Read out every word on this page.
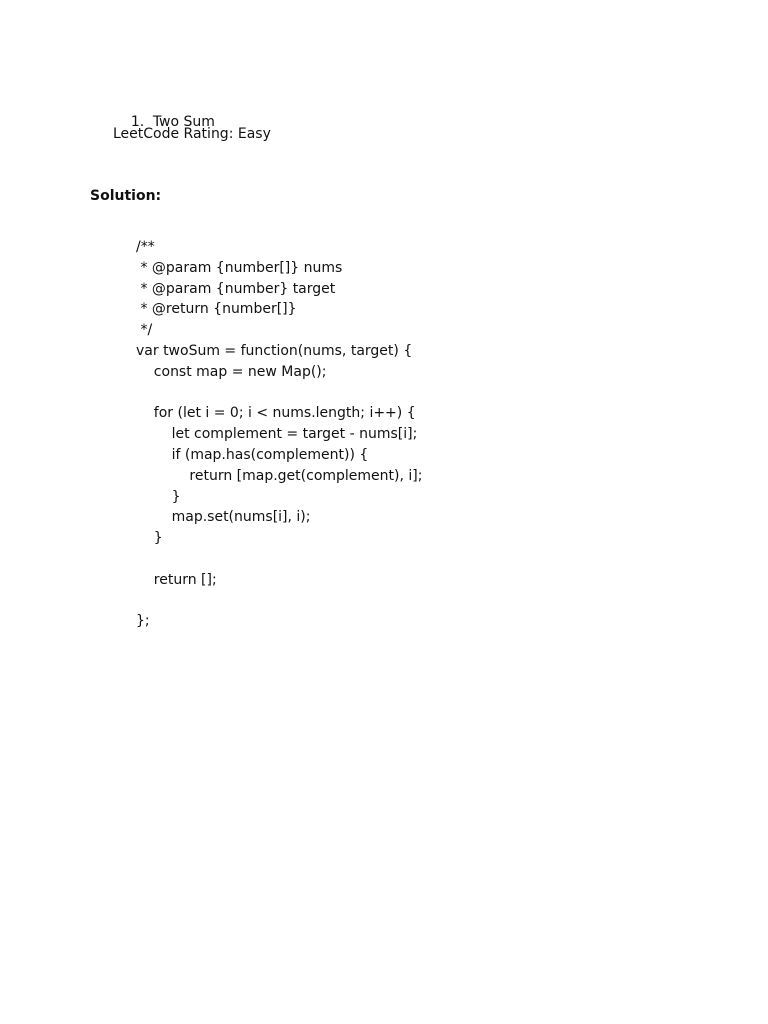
1. Two Sum

LeetCode Rating: Easy
Solution:
/**
* @param {number[]} nums
* @param {number} target
* @return {number[]}
*/
var twoSum = function(nums, target) {
const map = new Map();
for (let i = 0; i < nums.length; i++) {
let complement = target - nums[i];
if (map.has(complement)) {
return [map.get(complement), i];
}
map.set(nums[i], i);
}
return [];
};
